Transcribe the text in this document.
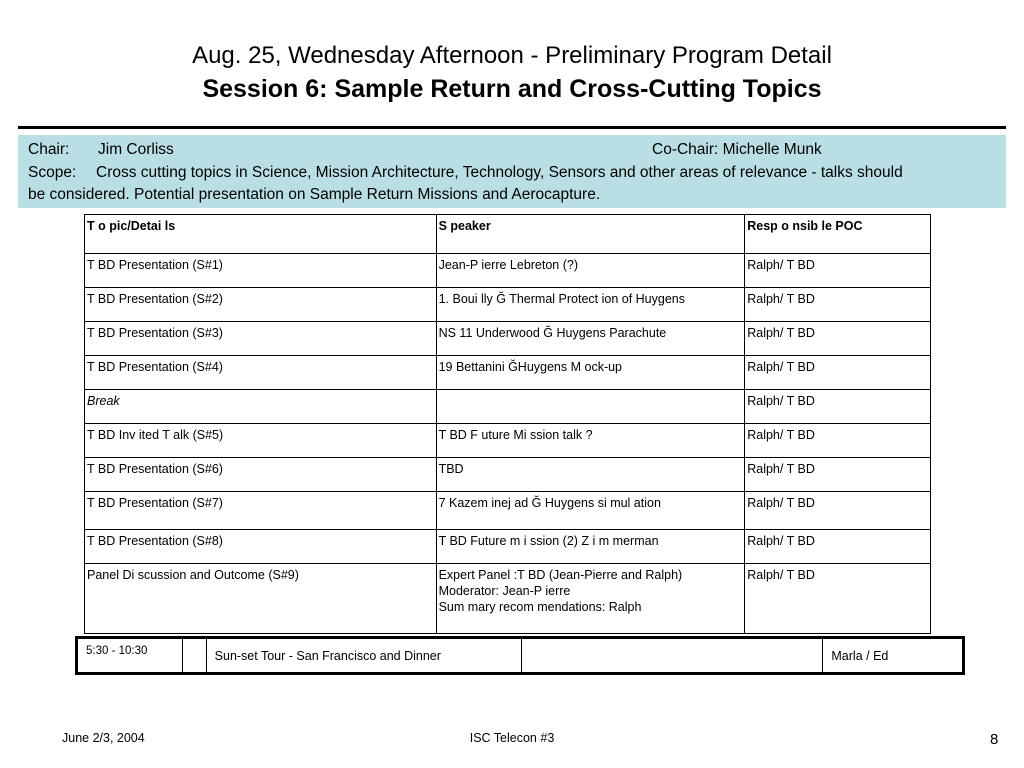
Aug. 25, Wednesday Afternoon - Preliminary Program Detail
Session 6: Sample Return and Cross-Cutting Topics
Chair: Jim Corliss	Co-Chair: Michelle Munk
Scope: Cross cutting topics in Science, Mission Architecture, Technology, Sensors and other areas of relevance - talks should
be considered. Potential presentation on Sample Return Missions and Aerocapture.
T o pic/Detai ls	S peaker	Resp o nsib le POC
T BD Presentation (S#1)	Jean-P ierre Lebreton (?)	Ralph/ T BD
T BD Presentation (S#2)	1. Boui lly Ğ Thermal Protect ion of Huygens	Ralph/ T BD
T BD Presentation (S#3)	NS 11 Underwood Ğ Huygens Parachute	Ralph/ T BD
T BD Presentation (S#4)	19 Bettanini ĞHuygens M ock-up	Ralph/ T BD
Break		Ralph/ T BD
T BD Inv ited T alk (S#5)	T BD F uture Mi ssion talk ?	Ralph/ T BD
T BD Presentation (S#6)	TBD	Ralph/ T BD
T BD Presentation (S#7)	7 Kazem inej ad Ğ Huygens si mul ation	Ralph/ T BD
T BD Presentation (S#8)	T BD Future m i ssion (2) Z i m merman	Ralph/ T BD
Panel Di scussion and Outcome (S#9)	Expert Panel :T BD (Jean-Pierre and Ralph)
Moderator: Jean-P ierre
Sum mary recom mendations: Ralph	Ralph/ T BD
5:30 - 10:30		Sun-set Tour - San Francisco and Dinner		Marla / Ed
June 2/3, 2004	ISC Telecon #3	8
